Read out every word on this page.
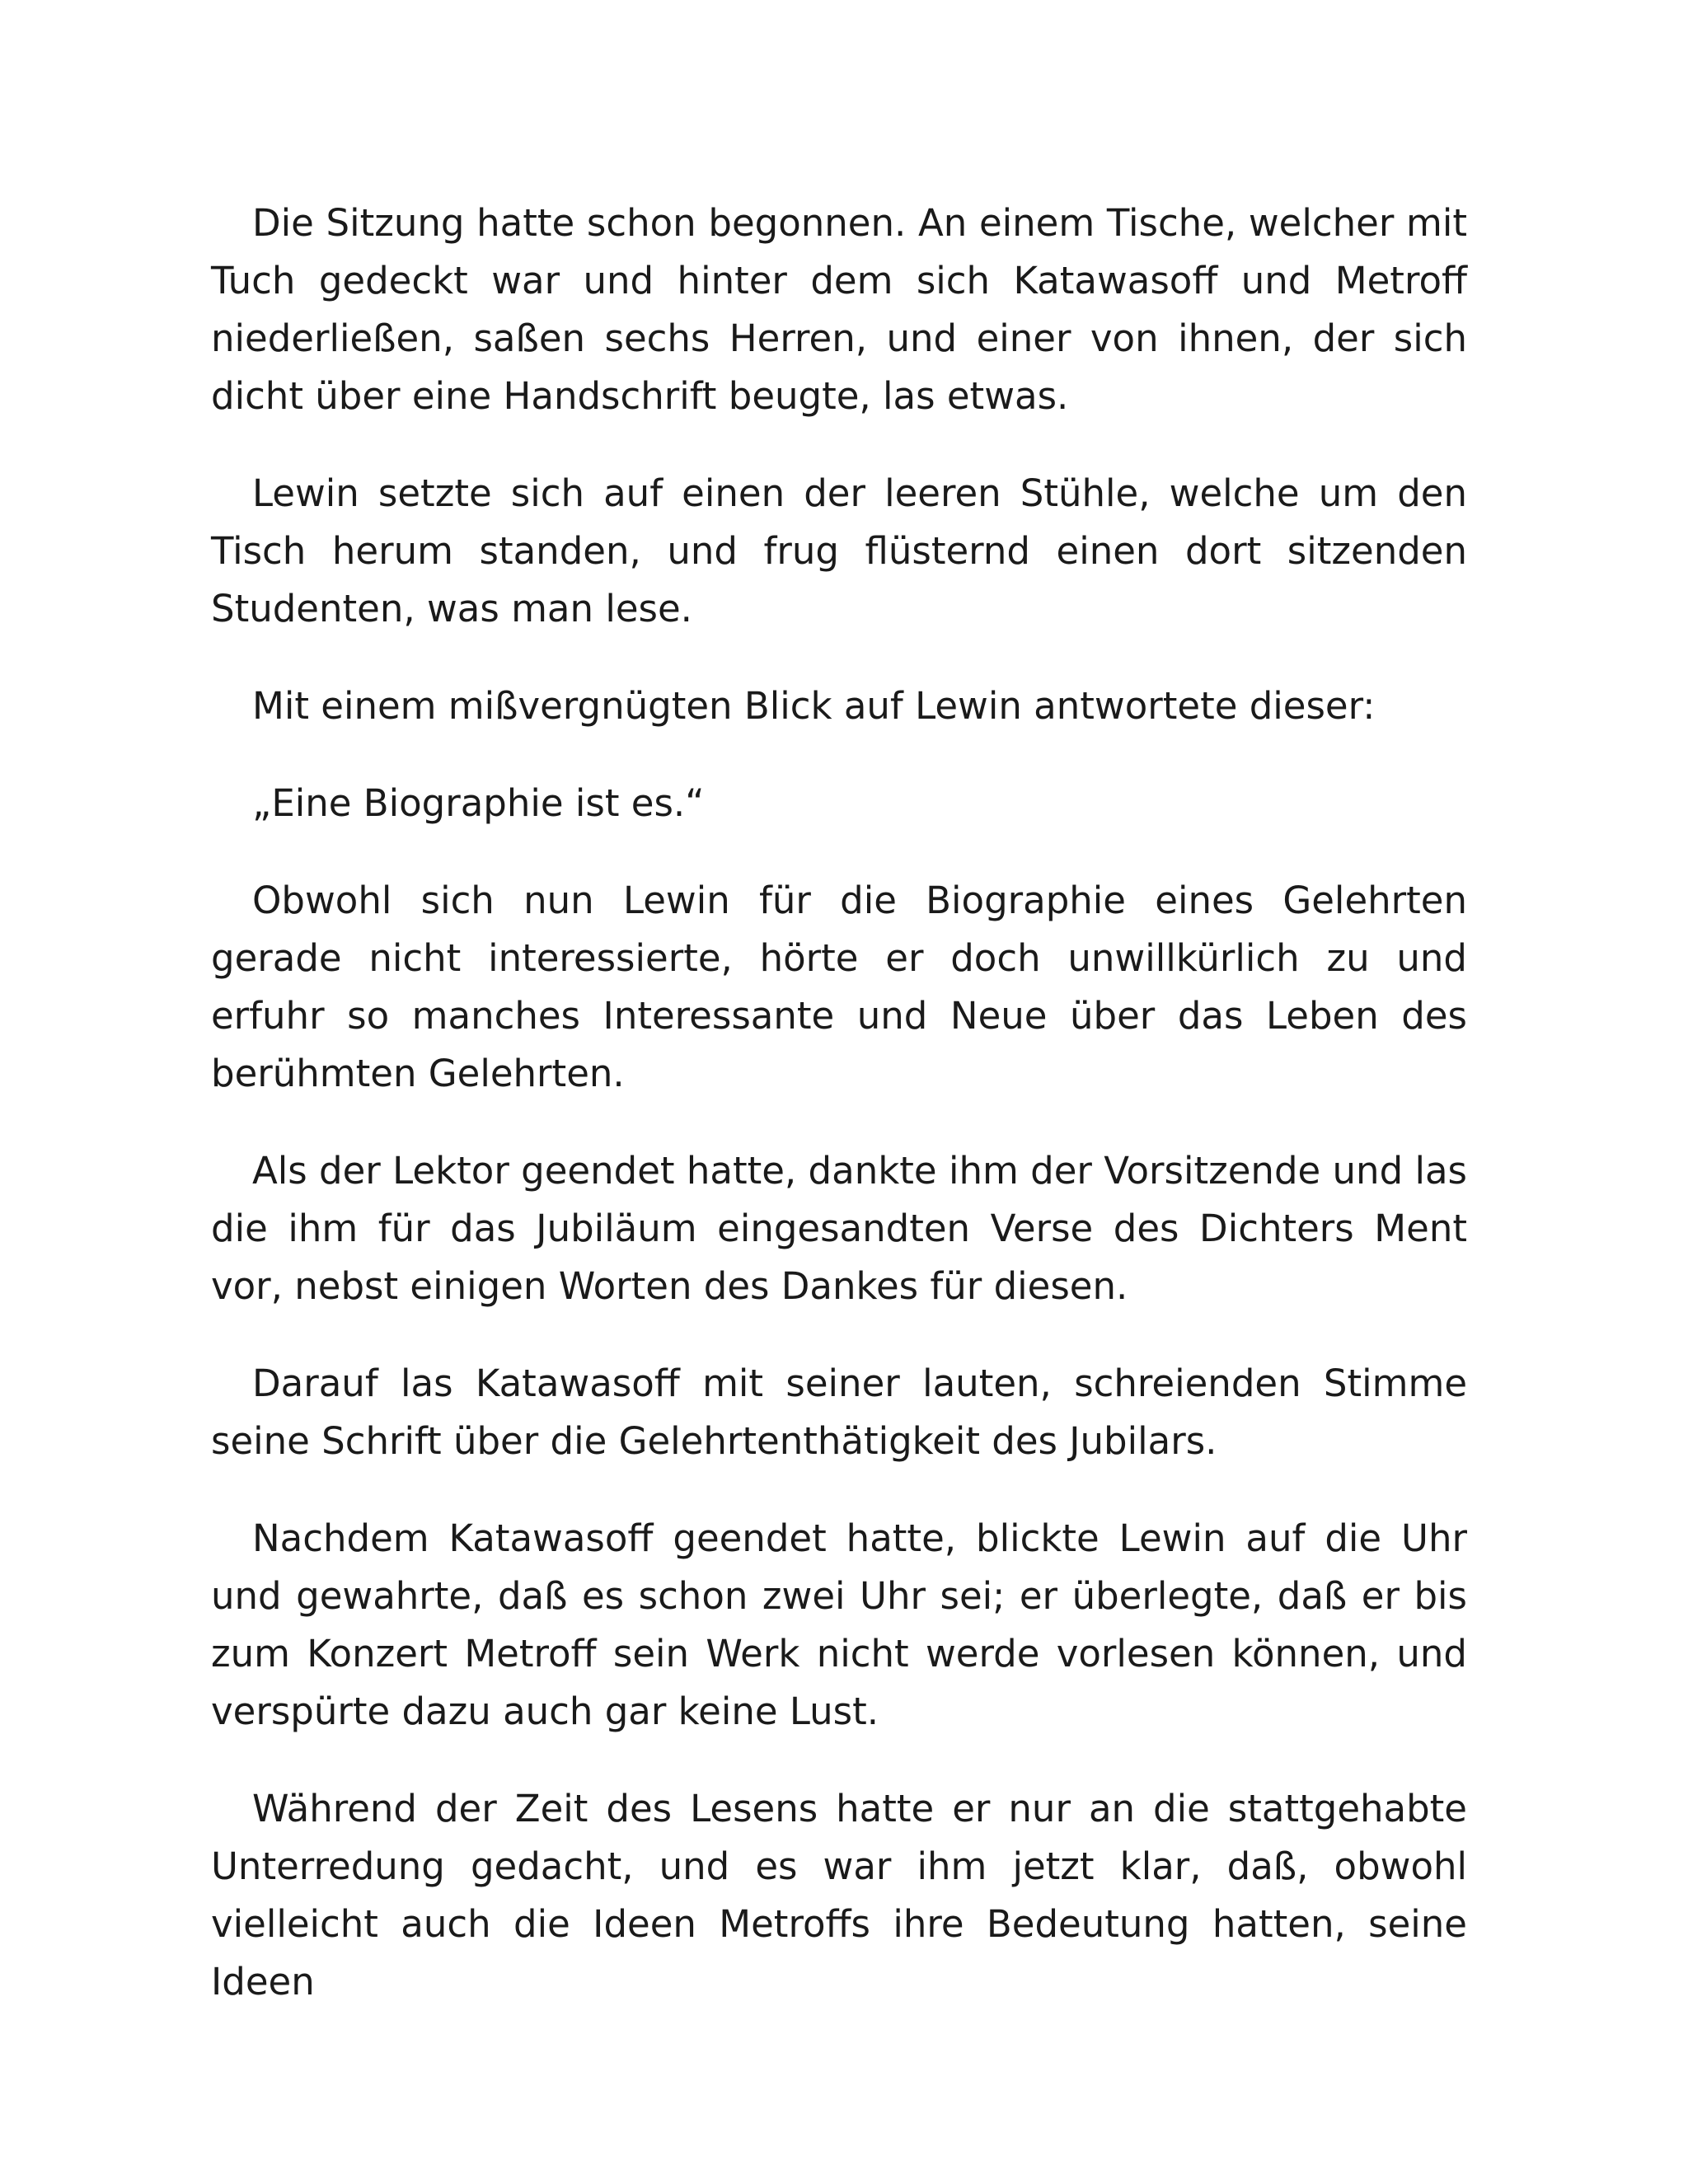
Die Sitzung hatte schon begonnen. An einem Tische, welcher mit Tuch gedeckt war und hinter dem sich Katawasoff und Metroff niederließen, saßen sechs Herren, und einer von ihnen, der sich dicht über eine Handschrift beugte, las etwas.

Lewin setzte sich auf einen der leeren Stühle, welche um den Tisch herum standen, und frug flüsternd einen dort sitzenden Studenten, was man lese.

Mit einem mißvergnügten Blick auf Lewin antwortete dieser:

„Eine Biographie ist es.“

Obwohl sich nun Lewin für die Biographie eines Gelehrten gerade nicht interessierte, hörte er doch unwillkürlich zu und erfuhr so manches Interessante und Neue über das Leben des berühmten Gelehrten.

Als der Lektor geendet hatte, dankte ihm der Vorsitzende und las die ihm für das Jubiläum eingesandten Verse des Dichters Ment vor, nebst einigen Worten des Dankes für diesen.

Darauf las Katawasoff mit seiner lauten, schreienden Stimme seine Schrift über die Gelehrtenthätigkeit des Jubilars.

Nachdem Katawasoff geendet hatte, blickte Lewin auf die Uhr und gewahrte, daß es schon zwei Uhr sei; er überlegte, daß er bis zum Konzert Metroff sein Werk nicht werde vorlesen können, und verspürte dazu auch gar keine Lust.

Während der Zeit des Lesens hatte er nur an die stattgehabte Unterredung gedacht, und es war ihm jetzt klar, daß, obwohl vielleicht auch die Ideen Metroffs ihre Bedeutung hatten, seine Ideen
